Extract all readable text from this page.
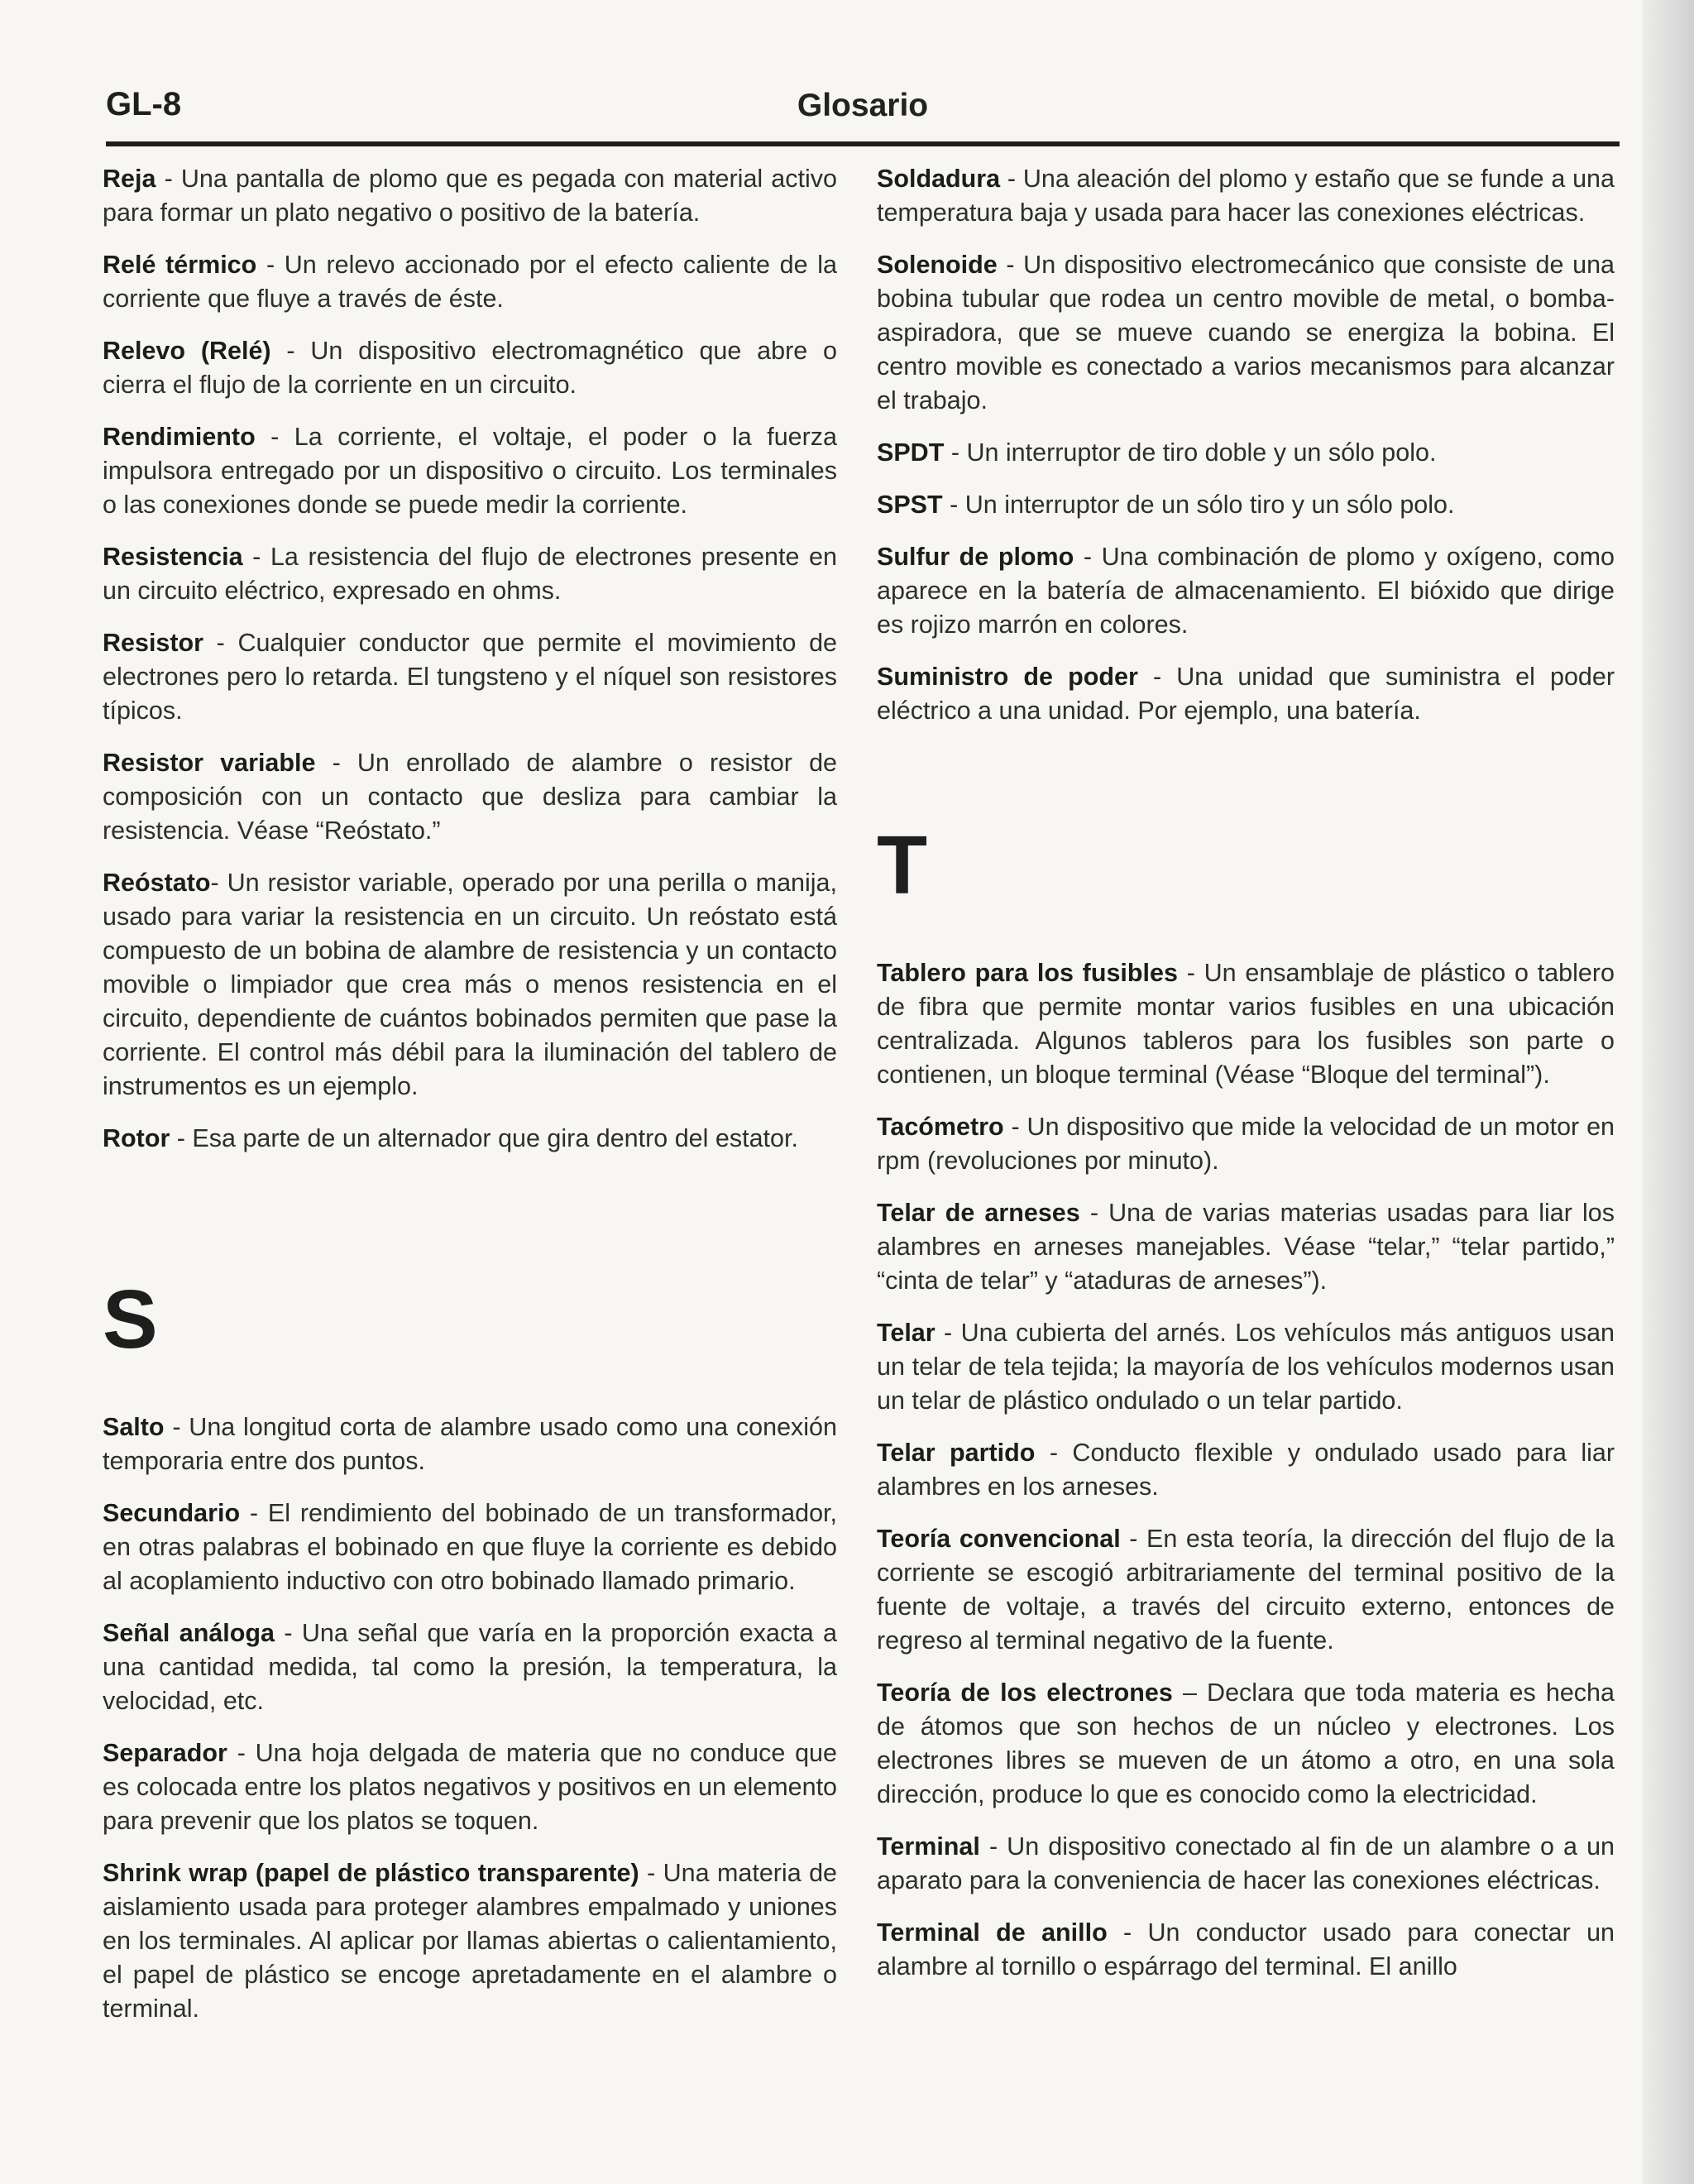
GL-8	Glosario

Reja - Una pantalla de plomo que es pegada con material activo para formar un plato negativo o positivo de la batería.

Relé térmico - Un relevo accionado por el efecto caliente de la corriente que fluye a través de éste.

Relevo (Relé) - Un dispositivo electromagnético que abre o cierra el flujo de la corriente en un circuito.

Rendimiento - La corriente, el voltaje, el poder o la fuerza impulsora entregado por un dispositivo o circuito. Los terminales o las conexiones donde se puede medir la corriente.

Resistencia - La resistencia del flujo de electrones presente en un circuito eléctrico, expresado en ohms.

Resistor - Cualquier conductor que permite el movimiento de electrones pero lo retarda. El tungsteno y el níquel son resistores típicos.

Resistor variable - Un enrollado de alambre o resistor de composición con un contacto que desliza para cambiar la resistencia. Véase “Reóstato.”

Reóstato- Un resistor variable, operado por una perilla o manija, usado para variar la resistencia en un circuito. Un reóstato está compuesto de un bobina de alambre de resistencia y un contacto movible o limpiador que crea más o menos resistencia en el circuito, dependiente de cuántos bobinados permiten que pase la corriente. El control más débil para la iluminación del tablero de instrumentos es un ejemplo.

Rotor - Esa parte de un alternador que gira dentro del estator.

S

Salto - Una longitud corta de alambre usado como una conexión temporaria entre dos puntos.

Secundario - El rendimiento del bobinado de un transformador, en otras palabras el bobinado en que fluye la corriente es debido al acoplamiento inductivo con otro bobinado llamado primario.

Señal análoga - Una señal que varía en la proporción exacta a una cantidad medida, tal como la presión, la temperatura, la velocidad, etc.

Separador - Una hoja delgada de materia que no conduce que es colocada entre los platos negativos y positivos en un elemento para prevenir que los platos se toquen.

Shrink wrap (papel de plástico transparente) - Una materia de aislamiento usada para proteger alambres empalmado y uniones en los terminales. Al aplicar por llamas abiertas o calientamiento, el papel de plástico se encoge apretadamente en el alambre o terminal.

Soldadura - Una aleación del plomo y estaño que se funde a una temperatura baja y usada para hacer las conexiones eléctricas.

Solenoide - Un dispositivo electromecánico que consiste de una bobina tubular que rodea un centro movible de metal, o bomba-aspiradora, que se mueve cuando se energiza la bobina. El centro movible es conectado a varios mecanismos para alcanzar el trabajo.

SPDT - Un interruptor de tiro doble y un sólo polo.

SPST - Un interruptor de un sólo tiro y un sólo polo.

Sulfur de plomo - Una combinación de plomo y oxígeno, como aparece en la batería de almacenamiento. El bióxido que dirige es rojizo marrón en colores.

Suministro de poder - Una unidad que suministra el poder eléctrico a una unidad. Por ejemplo, una batería.

T

Tablero para los fusibles - Un ensamblaje de plástico o tablero de fibra que permite montar varios fusibles en una ubicación centralizada. Algunos tableros para los fusibles son parte o contienen, un bloque terminal (Véase “Bloque del terminal”).

Tacómetro - Un dispositivo que mide la velocidad de un motor en rpm (revoluciones por minuto).

Telar de arneses - Una de varias materias usadas para liar los alambres en arneses manejables. Véase “telar,” “telar partido,” “cinta de telar” y “ataduras de arneses”).

Telar - Una cubierta del arnés. Los vehículos más antiguos usan un telar de tela tejida; la mayoría de los vehículos modernos usan un telar de plástico ondulado o un telar partido.

Telar partido - Conducto flexible y ondulado usado para liar alambres en los arneses.

Teoría convencional - En esta teoría, la dirección del flujo de la corriente se escogió arbitrariamente del terminal positivo de la fuente de voltaje, a través del circuito externo, entonces de regreso al terminal negativo de la fuente.

Teoría de los electrones – Declara que toda materia es hecha de átomos que son hechos de un núcleo y electrones. Los electrones libres se mueven de un átomo a otro, en una sola dirección, produce lo que es conocido como la electricidad.

Terminal - Un dispositivo conectado al fin de un alambre o a un aparato para la conveniencia de hacer las conexiones eléctricas.

Terminal de anillo - Un conductor usado para conectar un alambre al tornillo o espárrago del terminal. El anillo
